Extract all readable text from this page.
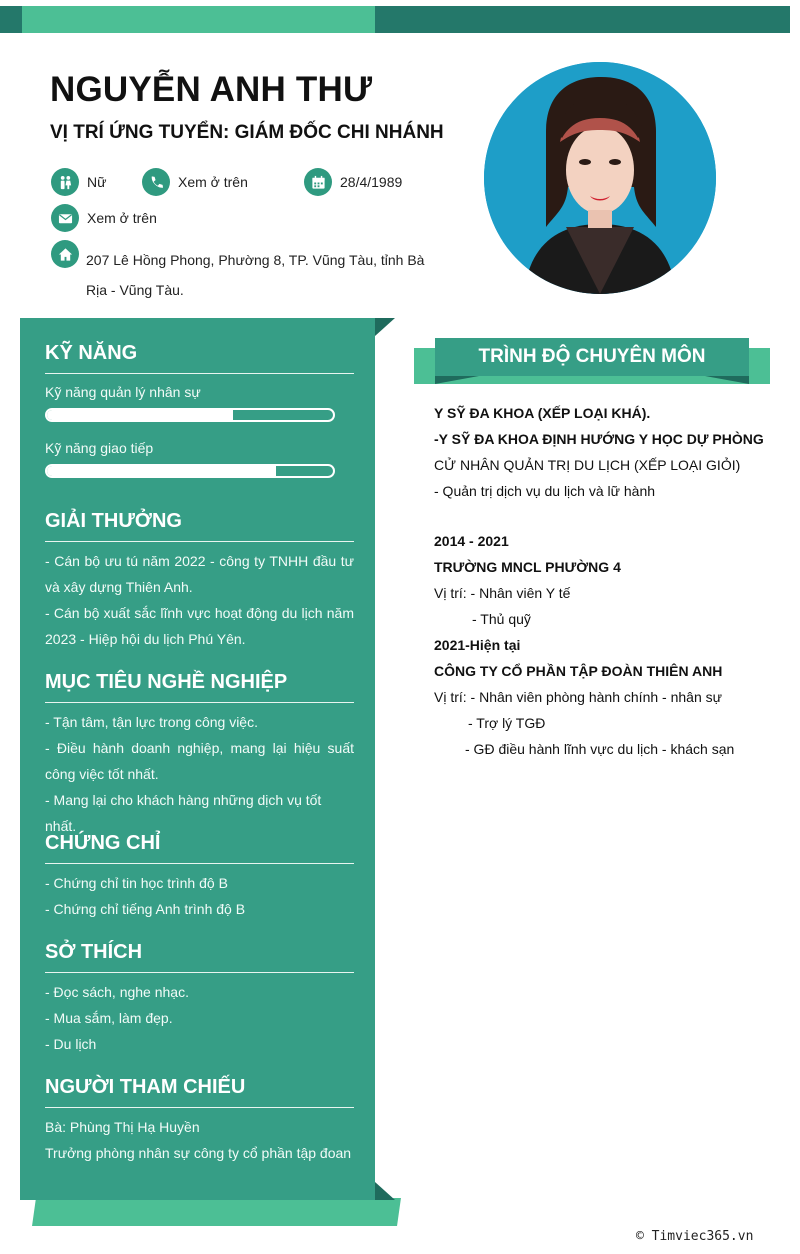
NGUYỄN ANH THƯ
VỊ TRÍ ỨNG TUYỂN: GIÁM ĐỐC CHI NHÁNH
Nữ	Xem ở trên	28/4/1989
Xem ở trên
207 Lê Hồng Phong, Phường 8, TP. Vũng Tàu, tỉnh Bà Rịa - Vũng Tàu.
KỸ NĂNG
Kỹ năng quản lý nhân sự
Kỹ năng giao tiếp
GIẢI THƯỞNG
- Cán bộ ưu tú năm 2022 - công ty TNHH đầu tư và xây dựng Thiên Anh.
- Cán bộ xuất sắc lĩnh vực hoạt động du lịch năm 2023 - Hiệp hội du lịch Phú Yên.
MỤC TIÊU NGHỀ NGHIỆP
- Tận tâm, tận lực trong công việc.
- Điều hành doanh nghiệp, mang lại hiệu suất công việc tốt nhất.
- Mang lại cho khách hàng những dịch vụ tốt nhất.
CHỨNG CHỈ
- Chứng chỉ tin học trình độ B
- Chứng chỉ tiếng Anh trình độ B
SỞ THÍCH
- Đọc sách, nghe nhạc.
- Mua sắm, làm đẹp.
- Du lịch
NGƯỜI THAM CHIẾU
Bà: Phùng Thị Hạ Huyền
Trưởng phòng nhân sự công ty cổ phần tập đoan
TRÌNH ĐỘ CHUYÊN MÔN
Y SỸ ĐA KHOA (XẾP LOẠI KHÁ).
-Y SỸ ĐA KHOA ĐỊNH HƯỚNG Y HỌC DỰ PHÒNG
CỬ NHÂN QUẢN TRỊ DU LỊCH (XẾP LOẠI GIỎI)
- Quản trị dịch vụ du lịch và lữ hành
2014 - 2021
TRƯỜNG MNCL PHƯỜNG 4
Vị trí: - Nhân viên Y tế
- Thủ quỹ
2021-Hiện tại
CÔNG TY CỔ PHẦN TẬP ĐOÀN THIÊN ANH
Vị trí: - Nhân viên phòng hành chính - nhân sự
- Trợ lý TGĐ
- GĐ điều hành lĩnh vực du lịch - khách sạn
© Timviec365.vn
